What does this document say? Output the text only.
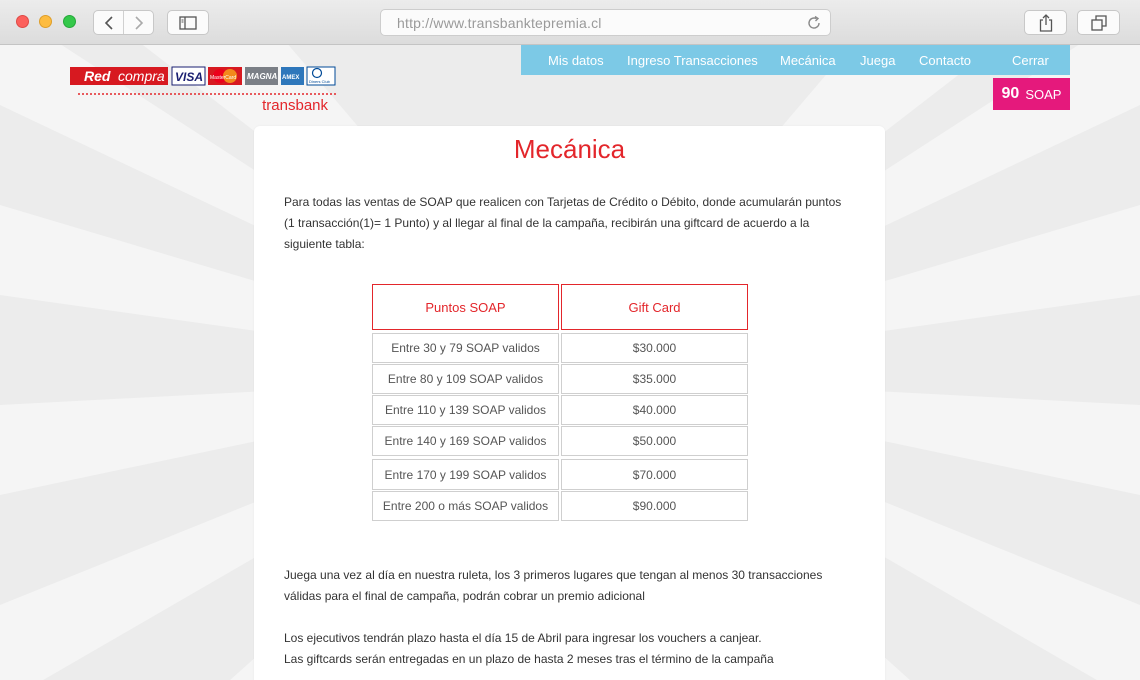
http://www.transbanktepremia.cl
Red compra VISA MasterCard MAGNA AMEX
Diners Club
transbank
Mis datos Ingreso Transacciones Mecánica Juega Contacto	Cerrar
90 SOAP
Mecánica

Para todas las ventas de SOAP que realicen con Tarjetas de Crédito o Débito, donde acumularán puntos (1 transacción(1)= 1 Punto) y al llegar al final de la campaña, recibirán una giftcard de acuerdo a la siguiente tabla:

Puntos SOAP	Gift Card
Entre 30 y 79 SOAP validos	$30.000
Entre 80 y 109 SOAP validos	$35.000
Entre 110 y 139 SOAP validos	$40.000
Entre 140 y 169 SOAP validos	$50.000
Entre 170 y 199 SOAP validos	$70.000
Entre 200 o más SOAP validos	$90.000

Juega una vez al día en nuestra ruleta, los 3 primeros lugares que tengan al menos 30 transacciones válidas para el final de campaña, podrán cobrar un premio adicional

Los ejecutivos tendrán plazo hasta el día 15 de Abril para ingresar los vouchers a canjear.

Las giftcards serán entregadas en un plazo de hasta 2 meses tras el término de la campaña
